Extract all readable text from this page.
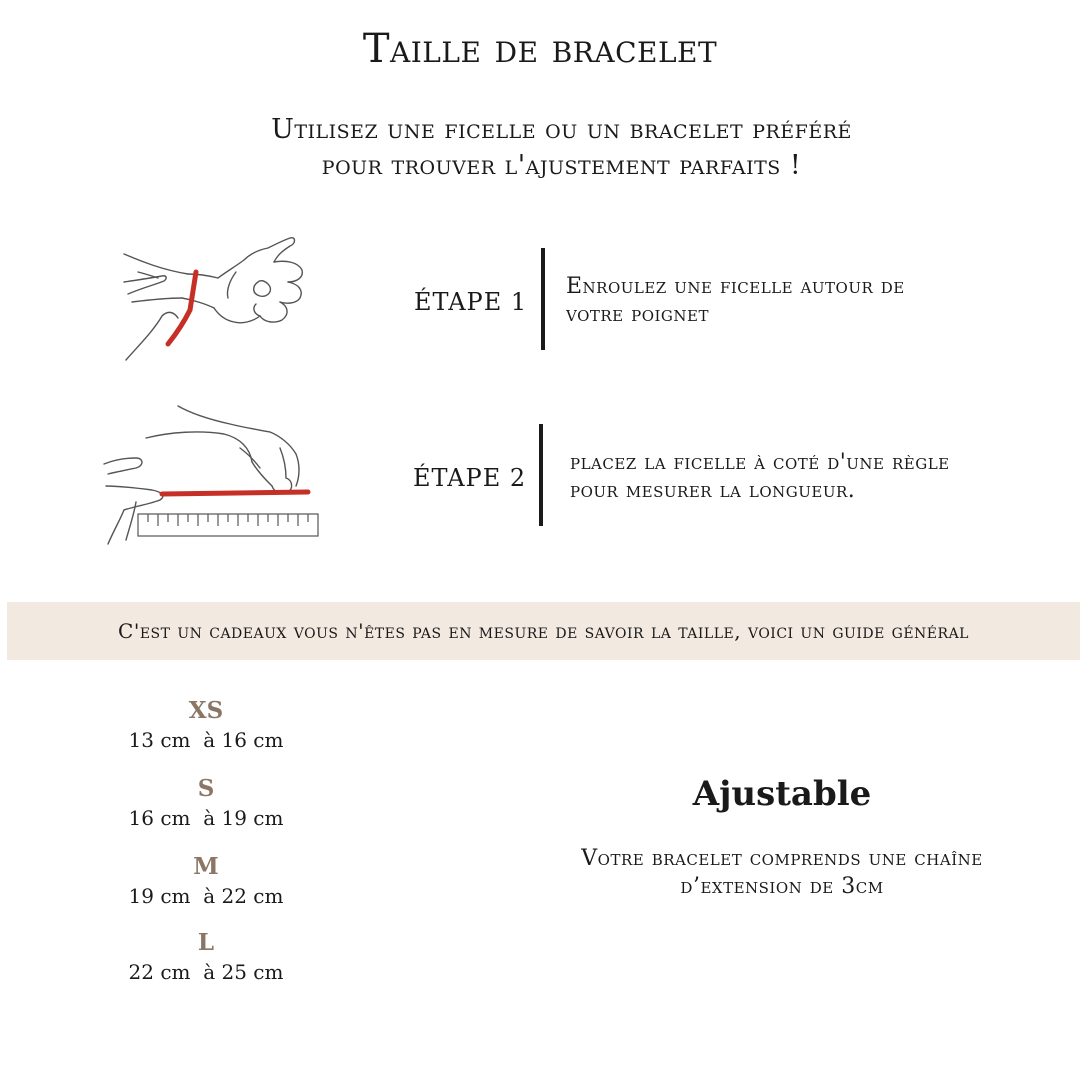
Taille de bracelet
Utilisez une ficelle ou un bracelet préféré
pour trouver l'ajustement parfaits !
ÉTAPE 1
Enroulez une ficelle autour de
votre poignet
ÉTAPE 2
placez la ficelle à coté d'une règle
pour mesurer la longueur.
C'est un cadeaux vous n'êtes pas en mesure de savoir la taille, voici un guide général
XS
13 cm  à 16 cm
S
16 cm  à 19 cm
M
19 cm  à 22 cm
L
22 cm  à 25 cm
Ajustable
Votre bracelet comprends une chaîne
d’extension de 3cm
